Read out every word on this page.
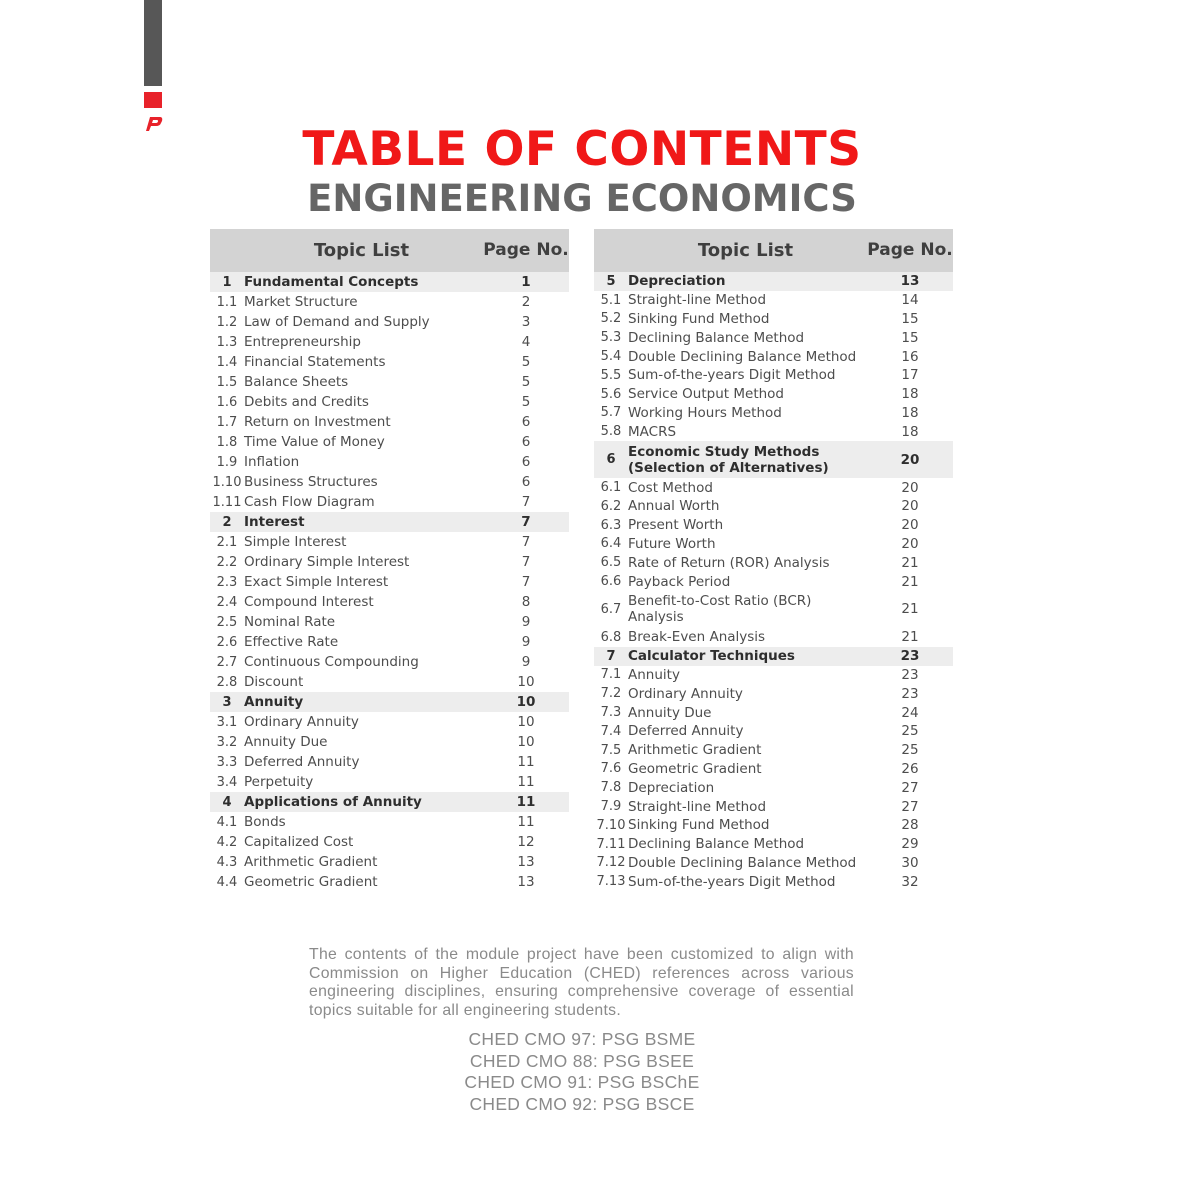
TABLE OF CONTENTS
ENGINEERING ECONOMICS
Topic List	Page No.
1 Fundamental Concepts	1
1.1 Market Structure	2
1.2 Law of Demand and Supply	3
1.3 Entrepreneurship	4
1.4 Financial Statements	5
1.5 Balance Sheets	5
1.6 Debits and Credits	5
1.7 Return on Investment	6
1.8 Time Value of Money	6
1.9 Inflation	6
1.10 Business Structures	6
1.11 Cash Flow Diagram	7
2 Interest	7
2.1 Simple Interest	7
2.2 Ordinary Simple Interest	7
2.3 Exact Simple Interest	7
2.4 Compound Interest	8
2.5 Nominal Rate	9
2.6 Effective Rate	9
2.7 Continuous Compounding	9
2.8 Discount	10
3 Annuity	10
3.1 Ordinary Annuity	10
3.2 Annuity Due	10
3.3 Deferred Annuity	11
3.4 Perpetuity	11
4 Applications of Annuity	11
4.1 Bonds	11
4.2 Capitalized Cost	12
4.3 Arithmetic Gradient	13
4.4 Geometric Gradient	13
Topic List	Page No.
5 Depreciation	13
5.1 Straight-line Method	14
5.2 Sinking Fund Method	15
5.3 Declining Balance Method	15
5.4 Double Declining Balance Method	16
5.5 Sum-of-the-years Digit Method	17
5.6 Service Output Method	18
5.7 Working Hours Method	18
5.8 MACRS	18
6 Economic Study Methods (Selection of Alternatives)	20
6.1 Cost Method	20
6.2 Annual Worth	20
6.3 Present Worth	20
6.4 Future Worth	20
6.5 Rate of Return (ROR) Analysis	21
6.6 Payback Period	21
6.7 Benefit-to-Cost Ratio (BCR) Analysis	21
6.8 Break-Even Analysis	21
7 Calculator Techniques	23
7.1 Annuity	23
7.2 Ordinary Annuity	23
7.3 Annuity Due	24
7.4 Deferred Annuity	25
7.5 Arithmetic Gradient	25
7.6 Geometric Gradient	26
7.8 Depreciation	27
7.9 Straight-line Method	27
7.10 Sinking Fund Method	28
7.11 Declining Balance Method	29
7.12 Double Declining Balance Method	30
7.13 Sum-of-the-years Digit Method	32
The contents of the module project have been customized to align with Commission on Higher Education (CHED) references across various engineering disciplines, ensuring comprehensive coverage of essential topics suitable for all engineering students.
CHED CMO 97: PSG BSME
CHED CMO 88: PSG BSEE
CHED CMO 91: PSG BSChE
CHED CMO 92: PSG BSCE
